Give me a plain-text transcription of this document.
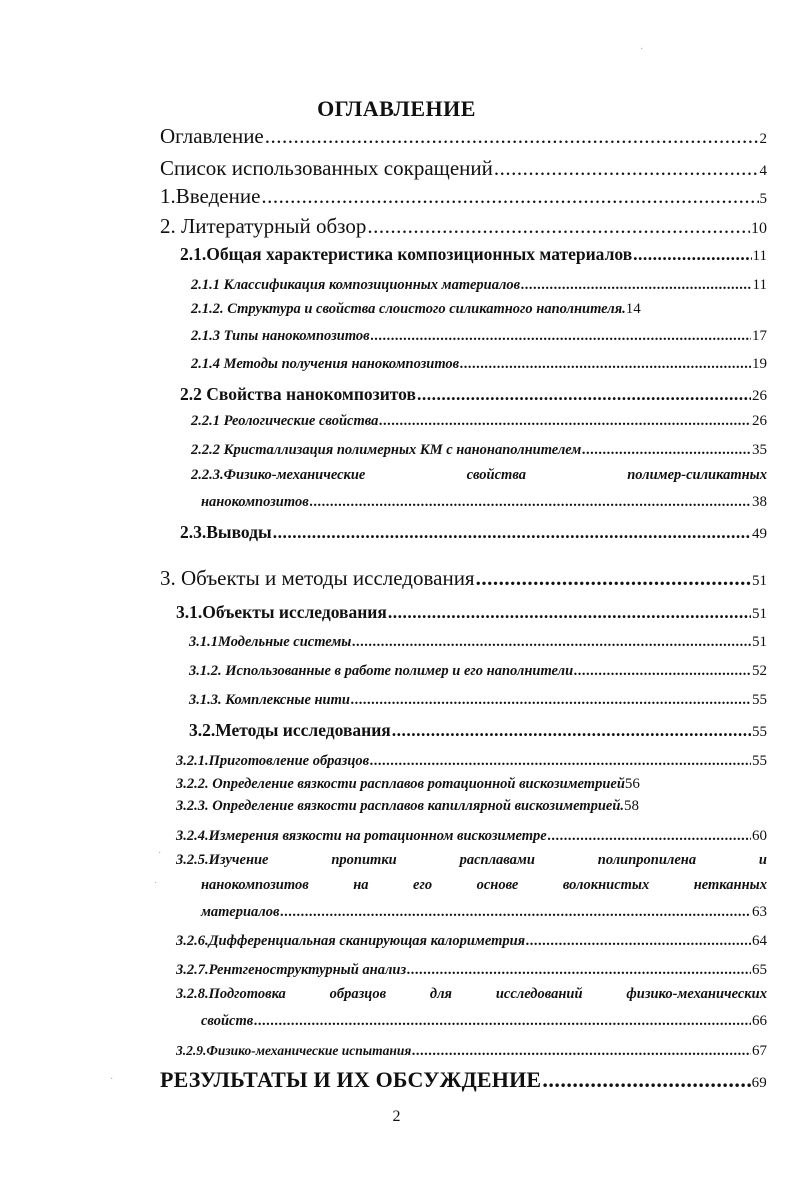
ОГЛАВЛЕНИЕ
Оглавление .....	2
Список использованных сокращений .....	4
1.Введение .....	5
2. Литературный обзор .....	10
2.1.Общая характеристика композиционных материалов .....	11
2.1.1 Классификация композиционных материалов .....	11
2.1.2. Структура и свойства слоистого силикатного наполнителя. 14
2.1.3 Типы нанокомпозитов .....	17
2.1.4 Методы получения нанокомпозитов .....	19
2.2 Свойства нанокомпозитов .....	26
2.2.1 Реологические свойства .....	26
2.2.2 Кристаллизация полимерных КМ с нанонаполнителем .....	35
2.2.3.Физико-механические	свойства	полимер-силикатных
нанокомпозитов .....	38
2.3.Выводы .....	49
3. Объекты и методы исследования .....	51
3.1.Объекты исследования .....	51
3.1.1Модельные системы .....	51
3.1.2. Использованные в работе полимер и его наполнители .....	52
3.1.3. Комплексные нити .....	55
3.2.Методы исследования .....	55
3.2.1.Приготовление образцов .....	55
3.2.2. Определение вязкости расплавов ротационной вискозиметрией 56
3.2.3. Определение вязкости расплавов капиллярной вискозиметрией. 58
3.2.4.Измерения вязкости на ротационном вискозиметре .....	60
3.2.5.Изучение	пропитки	расплавами	полипропилена	и
нанокомпозитов	на	его	основе	волокнистых	нетканных
материалов .....	63
3.2.6.Дифференциальная сканирующая калориметрия .....	64
3.2.7.Рентгеноструктурный анализ .....	65
3.2.8.Подготовка	образцов	для	исследований	физико-механических
свойств .....	66
3.2.9.Физико-механические испытания .....	67
РЕЗУЛЬТАТЫ И ИХ ОБСУЖДЕНИЕ .....	69
2
·
·
·
·
